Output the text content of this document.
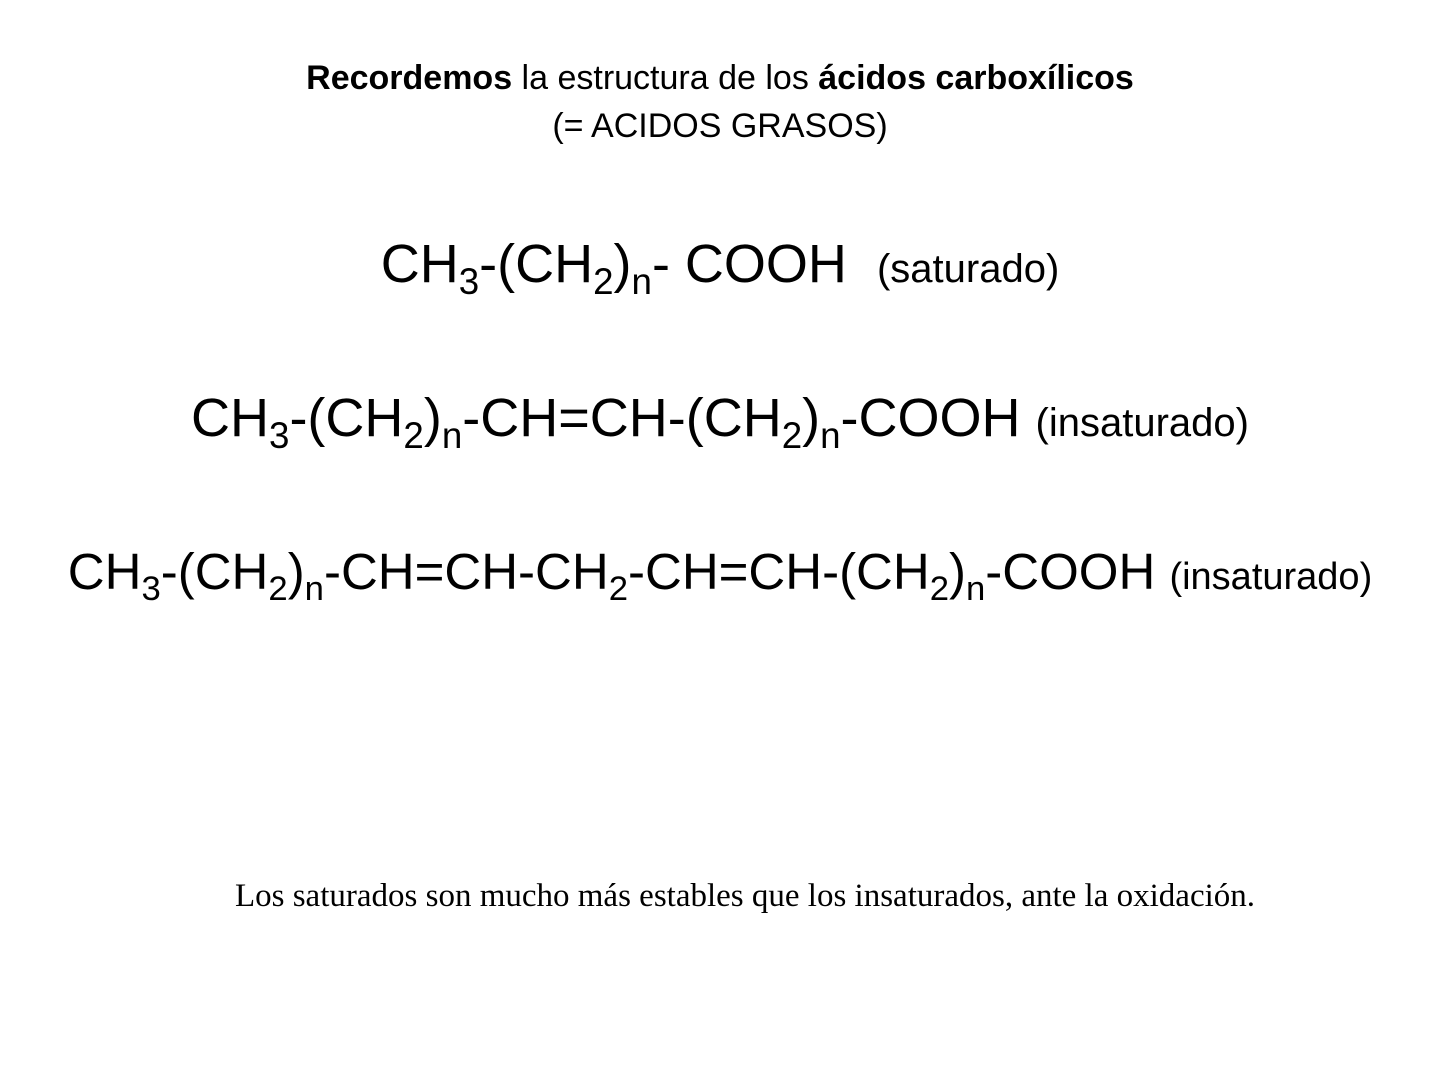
Recordemos la estructura de los ácidos carboxílicos
(= ACIDOS GRASOS)
$CH_3-(CH_2)_n-$ COOH (saturado)
$CH_3-(CH_2)_n-CH=CH-(CH_2)_n$-COOH (insaturado)
$CH_3-(CH_2)_n-CH=CH-CH_2-CH=CH-(CH_2)_n$-COOH (insaturado)
Los saturados son mucho más estables que los insaturados, ante la oxidación.
